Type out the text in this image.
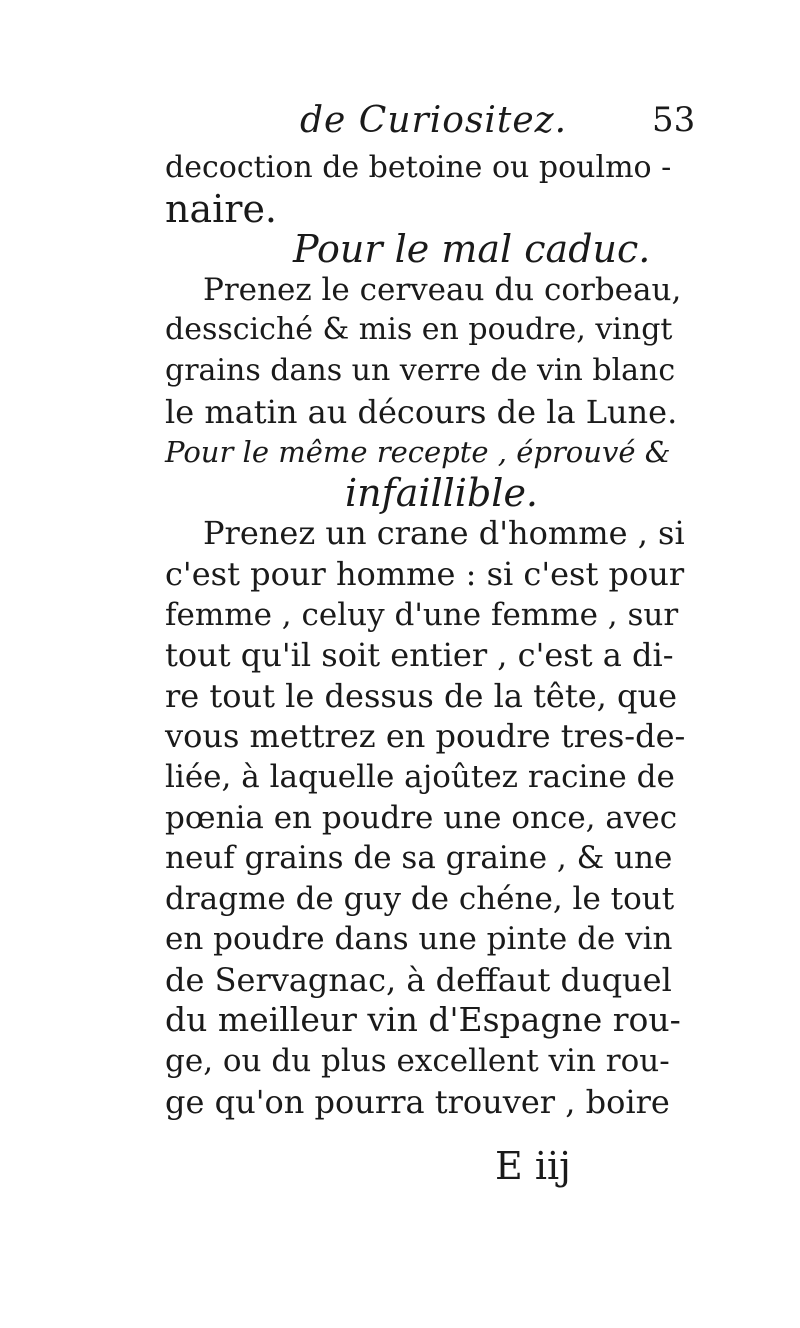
de Curiositez. 53
decoction de betoine ou poulmo -
naire.
Pour le mal caduc.
Prenez le cerveau du corbeau,
dessciché & mis en poudre, vingt
grains dans un verre de vin blanc
le matin au décours de la Lune.
Pour le même recepte , éprouvé &
infaillible.
Prenez un crane d'homme , si
c'est pour homme : si c'est pour
femme , celuy d'une femme , sur
tout qu'il soit entier , c'est a di-
re tout le dessus de la tête, que
vous mettrez en poudre tres-de-
liée, à laquelle ajoûtez racine de
pœnia en poudre une once, avec
neuf grains de sa graine , & une
dragme de guy de chéne, le tout
en poudre dans une pinte de vin
de Servagnac, à deffaut duquel
du meilleur vin d'Espagne rou-
ge, ou du plus excellent vin rou-
ge qu'on pourra trouver , boire
E iij
